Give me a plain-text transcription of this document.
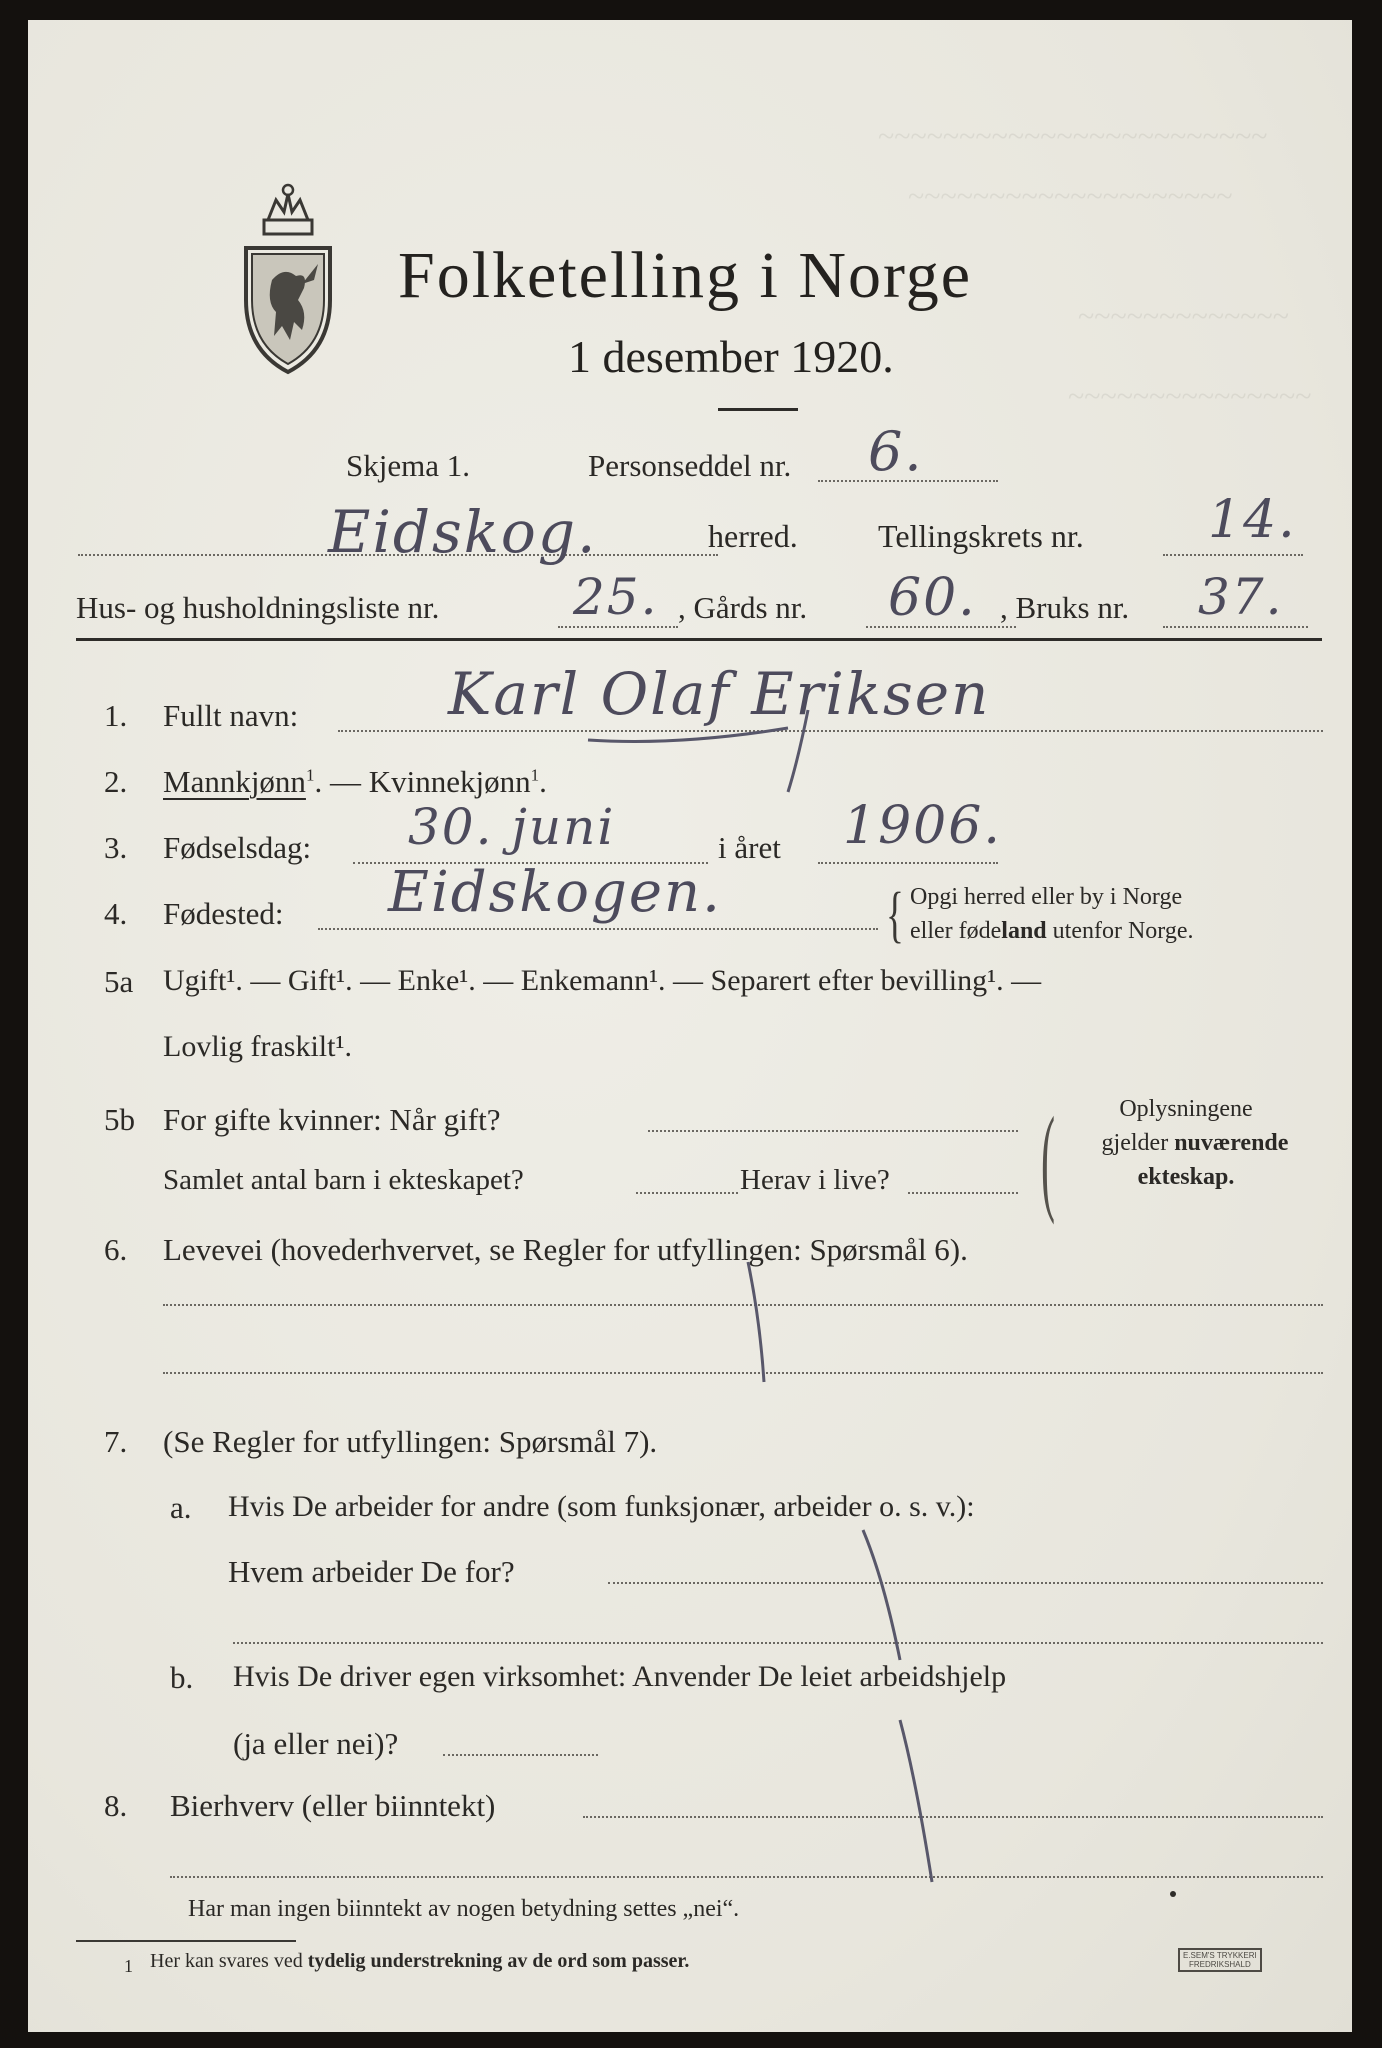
~~~~~~~~~~~~~~~~~~~~~~~~
~~~~~~~~~~~~~~~~~~~~
~~~~~~~~~~~~~
~~~~~~~~~~~~~~~
Folketelling i Norge
1 desember 1920.
Skjema 1.	Personseddel nr. 6.
Eidskog.	herred.	Tellingskrets nr. 14.
Hus- og husholdningsliste nr.	25. , Gårds nr. 60. , Bruks nr. 37.
1. Fullt navn:	Karl Olaf Eriksen
2. Mannkjønn$^1$. — Kvinnekjønn$^1$.
3. Fødselsdag: 30. juni	i året 1906.
4. Fødested: Eidskogen.	{ Opgi herred eller by i Norge
eller fødeland utenfor Norge.
5a Ugift¹. — Gift¹. — Enke¹. — Enkemann¹. — Separert efter bevilling¹. —
Lovlig fraskilt¹.
5b For gifte kvinner: Når gift?
Samlet antal barn i ekteskapet?	Herav i live? (	Oplysningene
gjelder nuværende
ekteskap.
6. Levevei (hovederhvervet, se Regler for utfyllingen: Spørsmål 6).
7. (Se Regler for utfyllingen: Spørsmål 7).
a. Hvis De arbeider for andre (som funksjonær, arbeider o. s. v.):
Hvem arbeider De for?
b. Hvis De driver egen virksomhet: Anvender De leiet arbeidshjelp
(ja eller nei)?
8. Bierhverv (eller biinntekt)
Har man ingen biinntekt av nogen betydning settes „nei“.
1 Her kan svares ved tydelig understrekning av de ord som passer.	E.SEM'S TRYKKERI
FREDRIKSHALD
